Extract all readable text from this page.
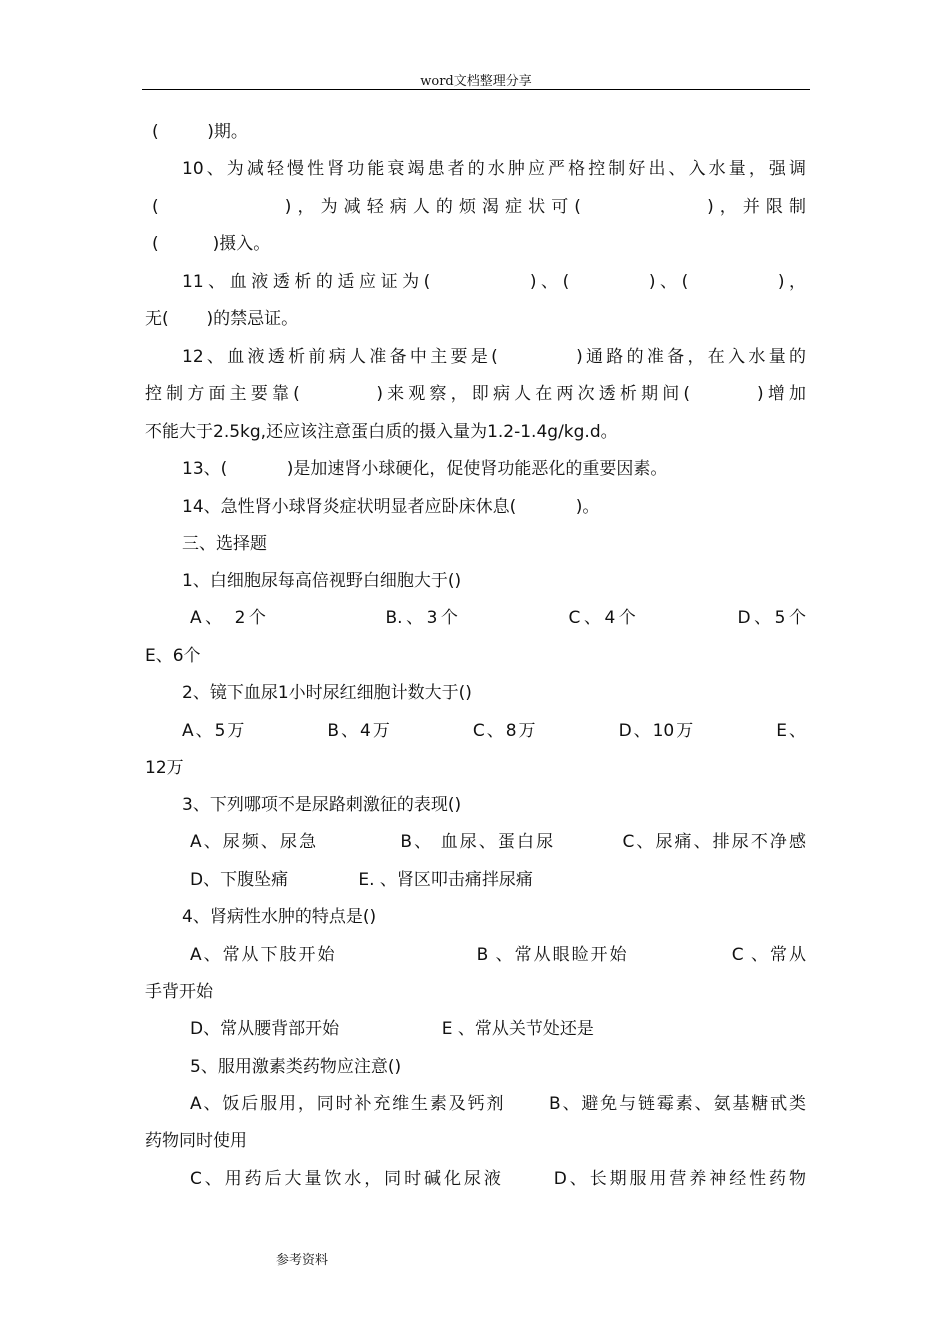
word文档整理分享
(         )期。
10、为减轻慢性肾功能衰竭患者的水肿应严格控制好出、入水量，强调
(           )，为减轻病人的烦渴症状可(           )，并限制
(          )摄入。
11、血液透析的适应证为(          )、(        )、(         )，
无(       )的禁忌证。
12、血液透析前病人准备中主要是(         )通路的准备，在入水量的
控制方面主要靠(        )来观察，即病人在两次透析期间(       )增加
不能大于2.5kg,还应该注意蛋白质的摄入量为1.2-1.4g/kg.d。
13、(           )是加速肾小球硬化，促使肾功能恶化的重要因素。
14、急性肾小球肾炎症状明显者应卧床休息(           )。
三、选择题
1、白细胞尿每高倍视野白细胞大于()
A、 2个             B.、3个            C、4个           D、5个
E、6个
2、镜下血尿1小时尿红细胞计数大于()
A、5万           B、4万           C、8万           D、10万           E、
12万
3、下列哪项不是尿路刺激征的表现()
A、尿频、尿急           B、 血尿、蛋白尿         C、尿痛、排尿不净感
D、下腹坠痛             E. 、肾区叩击痛拌尿痛
4、肾病性水肿的特点是()
A、常从下肢开始                   B 、常从眼睑开始              C 、常从
手背开始
D、常从腰背部开始                   E 、常从关节处还是
5、服用激素类药物应注意()
A、饭后服用，同时补充维生素及钙剂      B、避免与链霉素、氨基糖甙类
药物同时使用
C、用药后大量饮水，同时碱化尿液      D、长期服用营养神经性药物
参考资料
